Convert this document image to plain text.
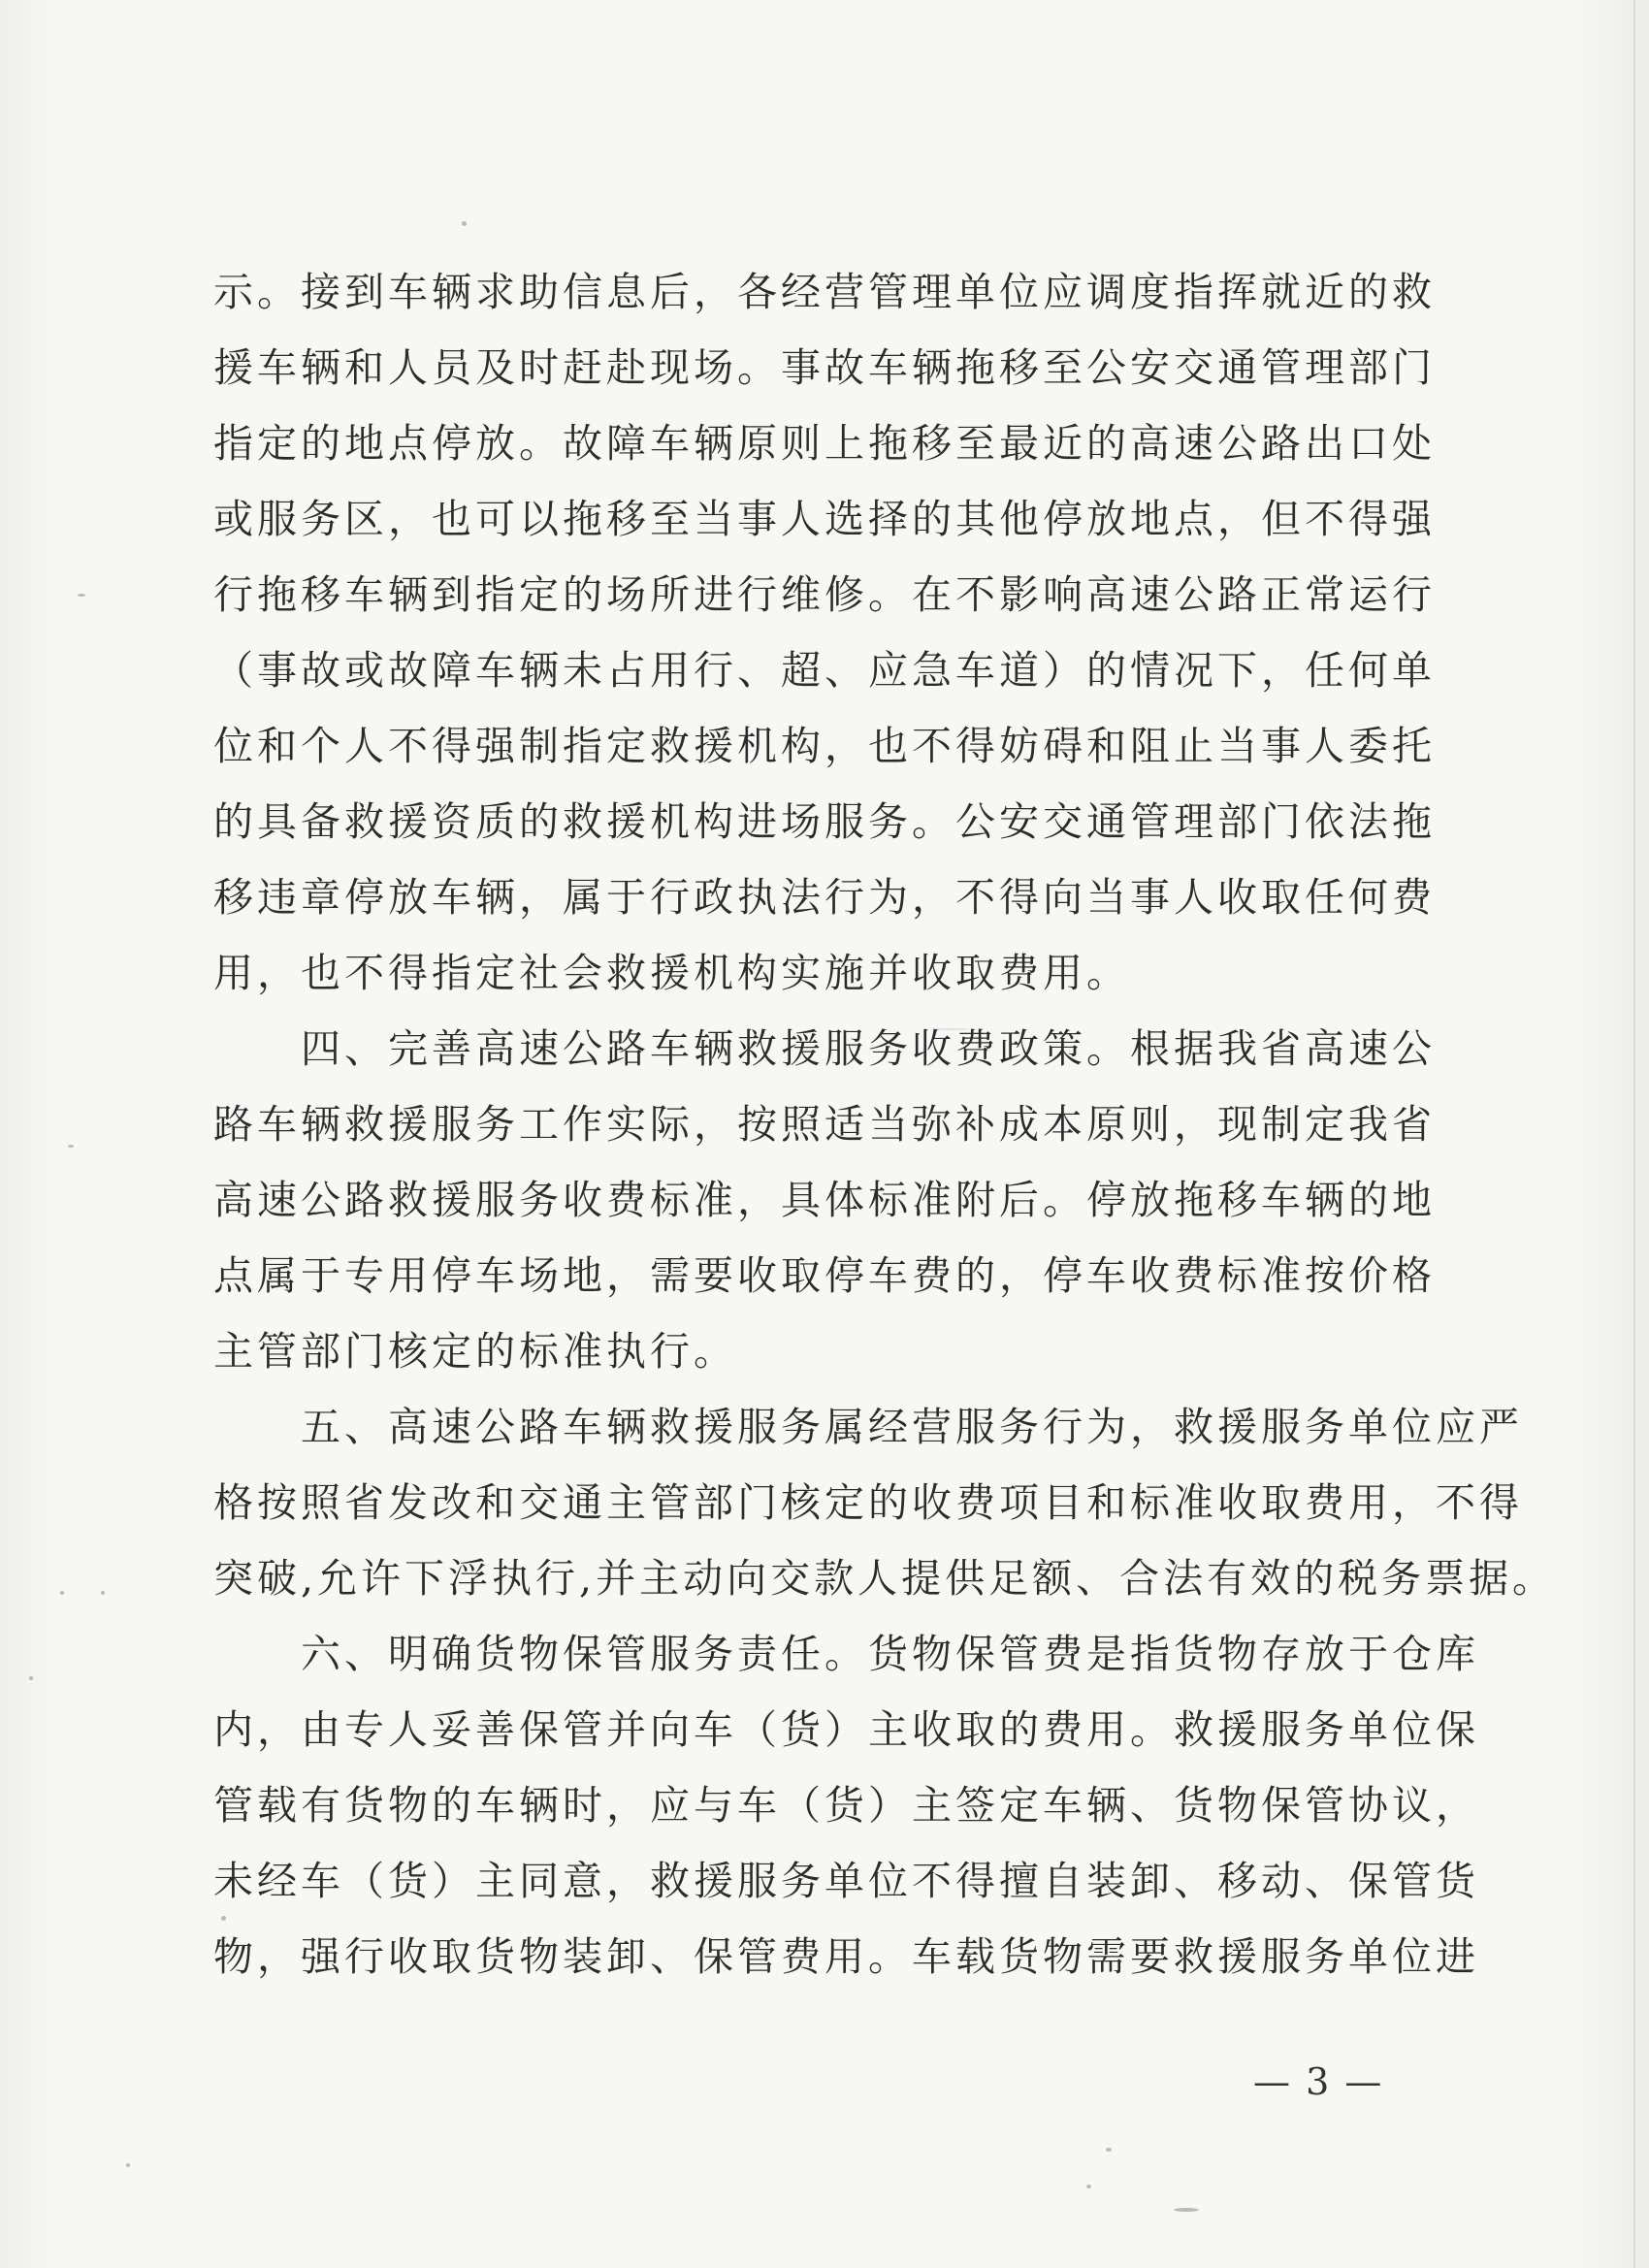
示。接到车辆求助信息后，各经营管理单位应调度指挥就近的救
援车辆和人员及时赶赴现场。事故车辆拖移至公安交通管理部门
指定的地点停放。故障车辆原则上拖移至最近的高速公路出口处
或服务区，也可以拖移至当事人选择的其他停放地点，但不得强
行拖移车辆到指定的场所进行维修。在不影响高速公路正常运行
（事故或故障车辆未占用行、超、应急车道）的情况下，任何单
位和个人不得强制指定救援机构，也不得妨碍和阻止当事人委托
的具备救援资质的救援机构进场服务。公安交通管理部门依法拖
移违章停放车辆，属于行政执法行为，不得向当事人收取任何费
用，也不得指定社会救援机构实施并收取费用。
　　四、完善高速公路车辆救援服务收费政策。根据我省高速公
路车辆救援服务工作实际，按照适当弥补成本原则，现制定我省
高速公路救援服务收费标准，具体标准附后。停放拖移车辆的地
点属于专用停车场地，需要收取停车费的，停车收费标准按价格
主管部门核定的标准执行。
　　五、高速公路车辆救援服务属经营服务行为，救援服务单位应严
格按照省发改和交通主管部门核定的收费项目和标准收取费用，不得
突破,允许下浮执行,并主动向交款人提供足额、合法有效的税务票据。
　　六、明确货物保管服务责任。货物保管费是指货物存放于仓库
内，由专人妥善保管并向车（货）主收取的费用。救援服务单位保
管载有货物的车辆时，应与车（货）主签定车辆、货物保管协议，
未经车（货）主同意，救援服务单位不得擅自装卸、移动、保管货
物，强行收取货物装卸、保管费用。车载货物需要救援服务单位进
— 3 —
